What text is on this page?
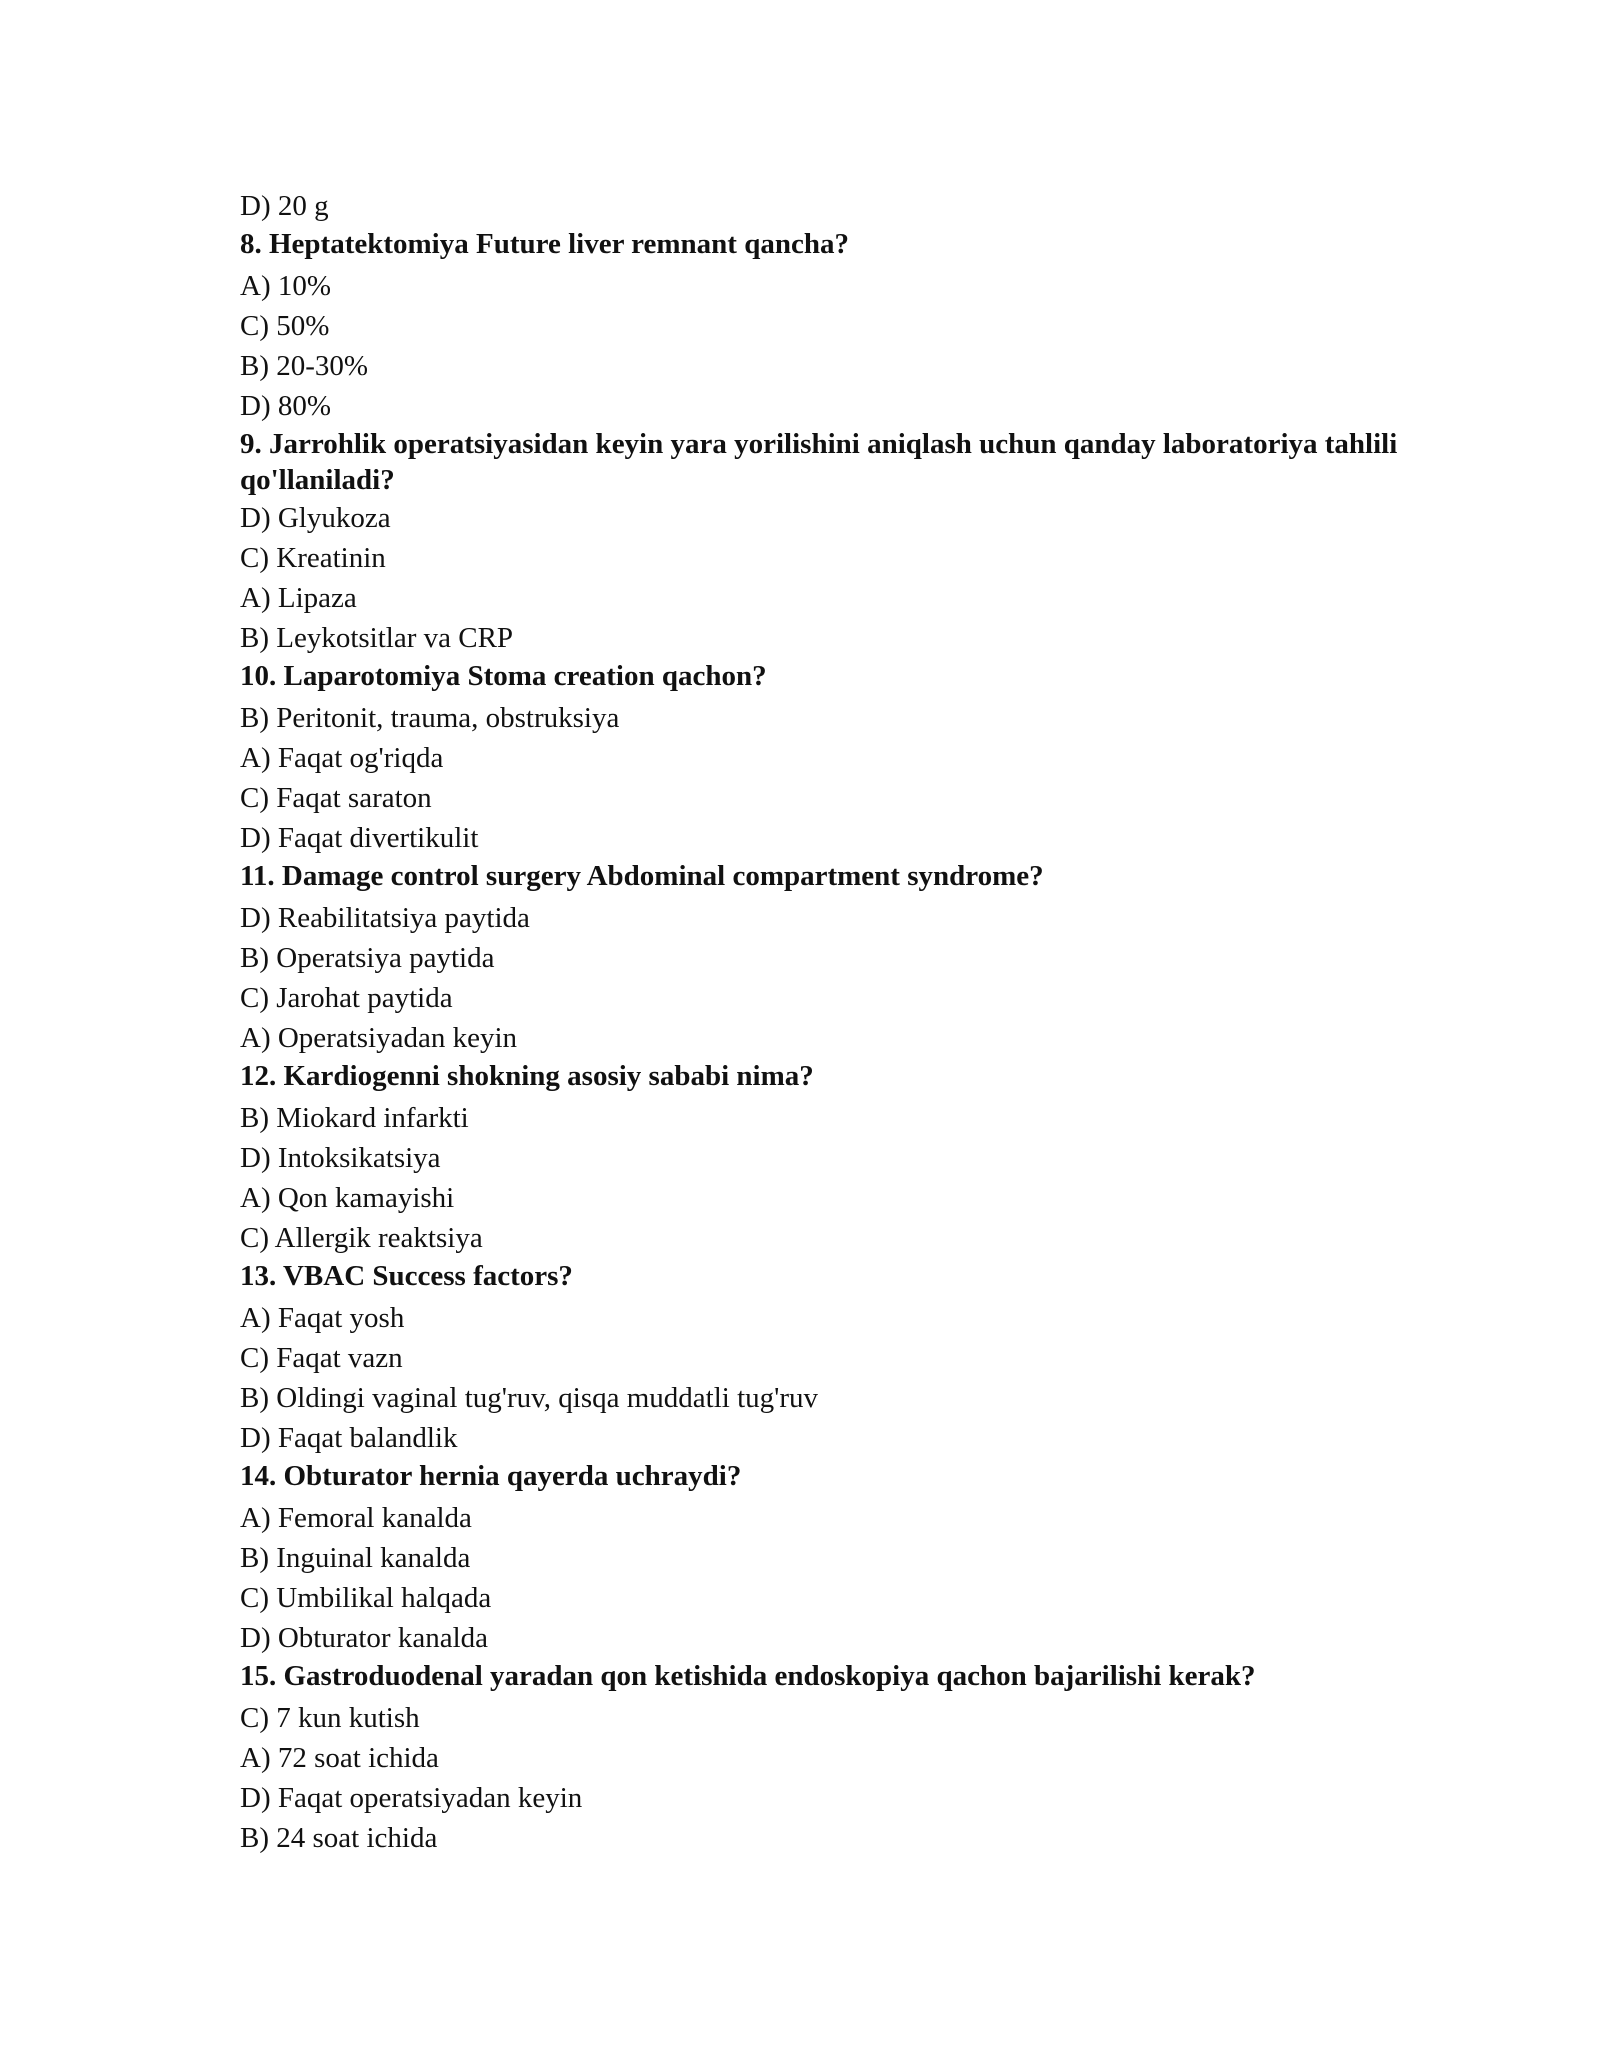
D) 20 g
8. Heptatektomiya Future liver remnant qancha?
A) 10%
C) 50%
B) 20-30%
D) 80%
9. Jarrohlik operatsiyasidan keyin yara yorilishini aniqlash uchun qanday laboratoriya tahlili qo'llaniladi?
D) Glyukoza
C) Kreatinin
A) Lipaza
B) Leykotsitlar va CRP
10. Laparotomiya Stoma creation qachon?
B) Peritonit, trauma, obstruksiya
A) Faqat og'riqda
C) Faqat saraton
D) Faqat divertikulit
11. Damage control surgery Abdominal compartment syndrome?
D) Reabilitatsiya paytida
B) Operatsiya paytida
C) Jarohat paytida
A) Operatsiyadan keyin
12. Kardiogenni shokning asosiy sababi nima?
B) Miokard infarkti
D) Intoksikatsiya
A) Qon kamayishi
C) Allergik reaktsiya
13. VBAC Success factors?
A) Faqat yosh
C) Faqat vazn
B) Oldingi vaginal tug'ruv, qisqa muddatli tug'ruv
D) Faqat balandlik
14. Obturator hernia qayerda uchraydi?
A) Femoral kanalda
B) Inguinal kanalda
C) Umbilikal halqada
D) Obturator kanalda
15. Gastroduodenal yaradan qon ketishida endoskopiya qachon bajarilishi kerak?
C) 7 kun kutish
A) 72 soat ichida
D) Faqat operatsiyadan keyin
B) 24 soat ichida
